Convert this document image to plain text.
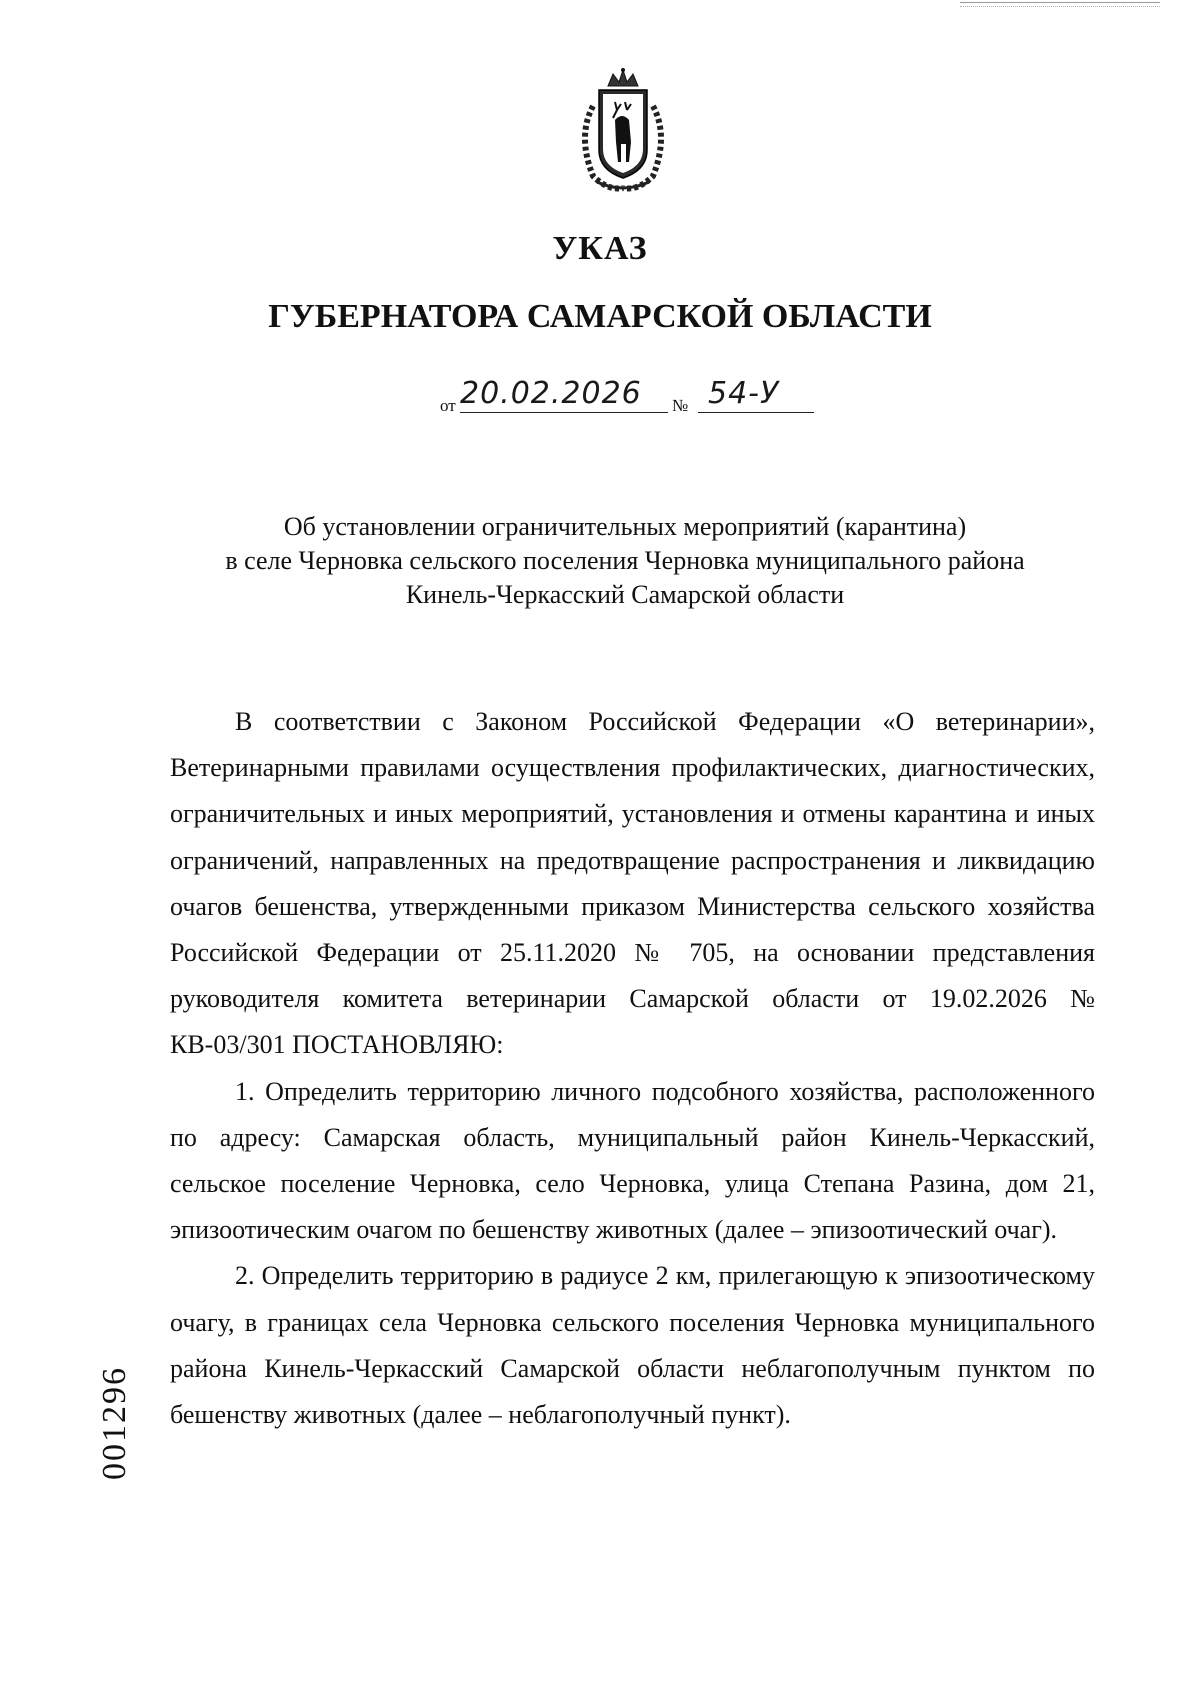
УКАЗ
ГУБЕРНАТОРА САМАРСКОЙ ОБЛАСТИ
от 20.02.2026 № 54-У
Об установлении ограничительных мероприятий (карантина)
в селе Черновка сельского поселения Черновка муниципального района
Кинель-Черкасский Самарской области

В соответствии с Законом Российской Федерации «О ветеринарии», Ветеринарными правилами осуществления профилактических, диагностических, ограничительных и иных мероприятий, установления и отмены карантина и иных ограничений, направленных на предотвращение распространения и ликвидацию очагов бешенства, утвержденными приказом Министерства сельского хозяйства Российской Федерации от 25.11.2020 № 705, на основании представления руководителя комитета ветеринарии Самарской области от 19.02.2026 № КВ-03/301 ПОСТАНОВЛЯЮ:

1. Определить территорию личного подсобного хозяйства, расположенного по адресу: Самарская область, муниципальный район Кинель-Черкасский, сельское поселение Черновка, село Черновка, улица Степана Разина, дом 21, эпизоотическим очагом по бешенству животных (далее – эпизоотический очаг).

2. Определить территорию в радиусе 2 км, прилегающую к эпизоотическому очагу, в границах села Черновка сельского поселения Черновка муниципального района Кинель-Черкасский Самарской области неблагополучным пунктом по бешенству животных (далее – неблагополучный пункт).

001296
